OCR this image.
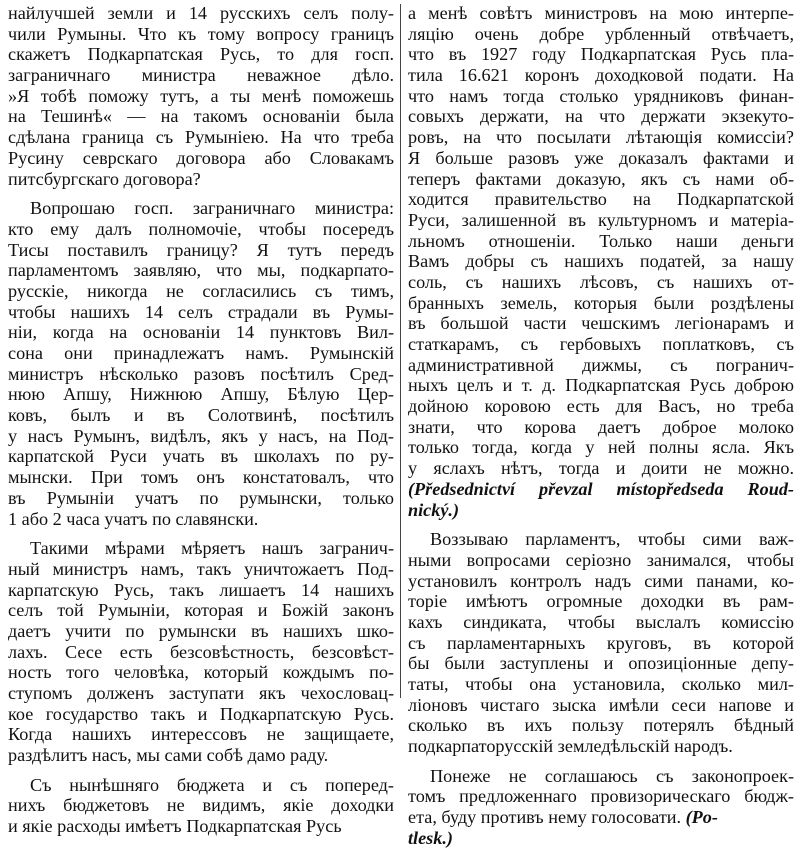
найлучшей земли и 14 русскихъ селъ полу-
чили Румыны. Что къ тому вопросу границъ
скажетъ Подкарпатская Русь, то для госп.
заграничнаго министра неважное дѣло.
»Я тобѣ поможу тутъ, а ты менѣ поможешь
на Тешинѣ« — на такомъ основаніи была
сдѣлана граница съ Румыніею. На что треба
Русину севрскаго договора або Словакамъ
питсбургскаго договора?
Вопрошаю госп. заграничнаго министра:
кто ему далъ полномочіе, чтобы посередъ
Тисы поставилъ границу? Я тутъ передъ
парламентомъ заявляю, что мы, подкарпато-
русскіе, никогда не согласились съ тимъ,
чтобы нашихъ 14 селъ страдали въ Румы-
ніи, когда на основаніи 14 пунктовъ Вил-
сона они принадлежатъ намъ. Румынскій
министръ нѣсколько разовъ посѣтилъ Сред-
нюю Апшу, Нижнюю Апшу, Бѣлую Цер-
ковъ, былъ и въ Солотвинѣ, посѣтилъ
у насъ Румынъ, видѣлъ, якъ у насъ, на Под-
карпатской Руси учать въ школахъ по ру-
мынски. При томъ онъ констатовалъ, что
въ Румыніи учатъ по румынски, только
1 або 2 часа учатъ по славянски.
Такими мѣрами мѣряетъ нашъ загранич-
ный министръ намъ, такъ уничтожаетъ Под-
карпатскую Русь, такъ лишаетъ 14 нашихъ
селъ той Румыніи, которая и Божій законъ
даетъ учити по румынски въ нашихъ шко-
лахъ. Сесе есть безсовѣстность, безсовѣст-
ность того человѣка, который кождымъ по-
ступомъ долженъ заступати якъ чехословац-
кое государство такъ и Подкарпатскую Русь.
Когда нашихъ интерессовъ не защищаете,
раздѣлитъ насъ, мы сами собѣ дамо раду.
Съ нынѣшняго бюджета и съ поперед-
нихъ бюджетовъ не видимъ, якіе доходки
и якіе расходы имѣетъ Подкарпатская Русь
а менѣ совѣтъ министровъ на мою интерпе-
ляцію очень добре урбленный отвѣчаетъ,
что въ 1927 году Подкарпатская Русь пла-
тила 16.621 коронъ доходковой подати. На
что намъ тогда столько урядниковъ финан-
совыхъ держати, на что держати экзекуто-
ровъ, на что посылати лѣтающія комиссіи?
Я больше разовъ уже доказалъ фактами и
теперъ фактами доказую, якъ съ нами об-
ходится правительство на Подкарпатской
Руси, залишенной въ культурномъ и матеріа-
льномъ отношеніи. Только наши деньги
Вамъ добры съ нашихъ податей, за нашу
соль, съ нашихъ лѣсовъ, съ нашихъ от-
бранныхъ земель, которыя были роздѣлены
въ большой части чешскимъ легіонарамъ и
статкарамъ, съ гербовыхъ поплатковъ, съ
административной дижмы, съ погранич-
ныхъ целъ и т. д. Подкарпатская Русь доброю
дойною коровою есть для Васъ, но треба
знати, что корова даетъ доброе молоко
только тогда, когда у ней полны ясла. Якъ
у яслахъ нѣтъ, тогда и доити не можно.
(Předsednictví převzal místopředseda Roud-
nický.)
Воззываю парламентъ, чтобы сими важ-
ными вопросами серіозно занимался, чтобы
установилъ контролъ надъ сими панами, ко-
торіе имѣютъ огромные доходки въ рам-
кахъ синдиката, чтобы выслалъ комиссію
съ парламентарныхъ круговъ, въ которой
бы были заступлены и опозиціонные депу-
таты, чтобы она установила, сколько мил-
ліоновъ чистаго зыска имѣли сеси напове и
сколько въ ихъ пользу потерялъ бѣдный
подкарпаторусскій земледѣльскій народъ.
Понеже не соглашаюсь съ законопроек-
томъ предложеннаго провизорическаго бюдж-
ета, буду противъ нему голосовати. (Po-
tlesk.)
